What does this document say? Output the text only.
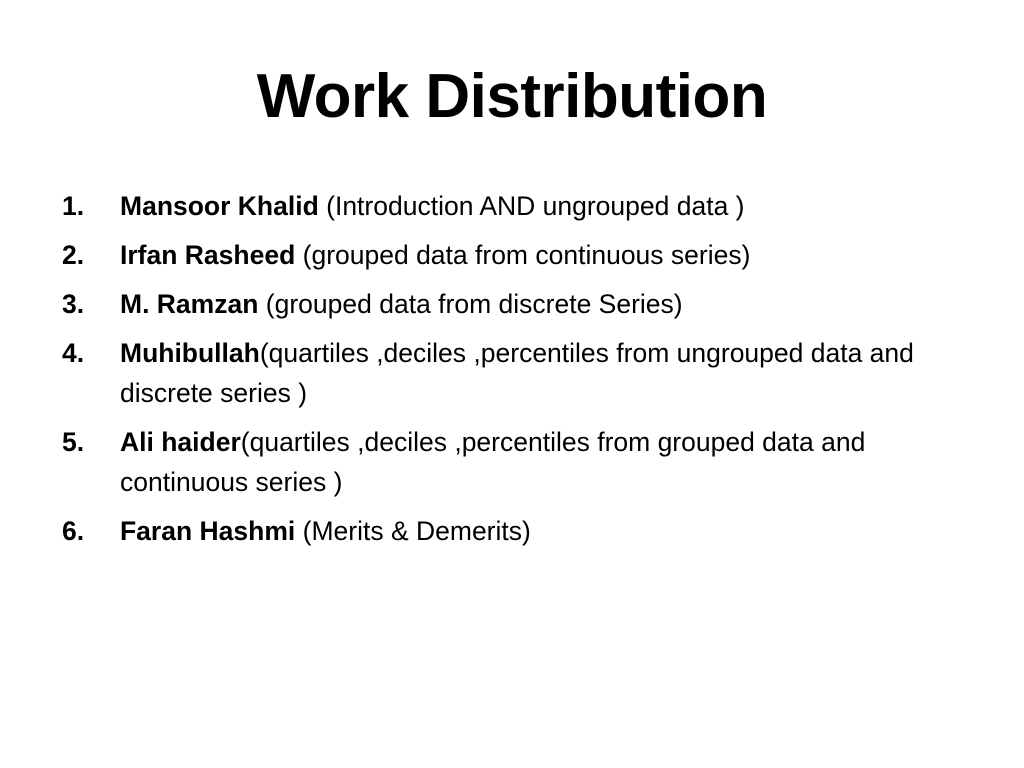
Work Distribution
1.	Mansoor Khalid (Introduction AND ungrouped data )
2.	Irfan Rasheed (grouped data from continuous series)
3.	M. Ramzan (grouped data from discrete Series)
4.	Muhibullah(quartiles ,deciles ,percentiles from ungrouped data and discrete series )
5.	Ali haider(quartiles ,deciles ,percentiles from grouped data and continuous series )
6.	Faran Hashmi (Merits & Demerits)
